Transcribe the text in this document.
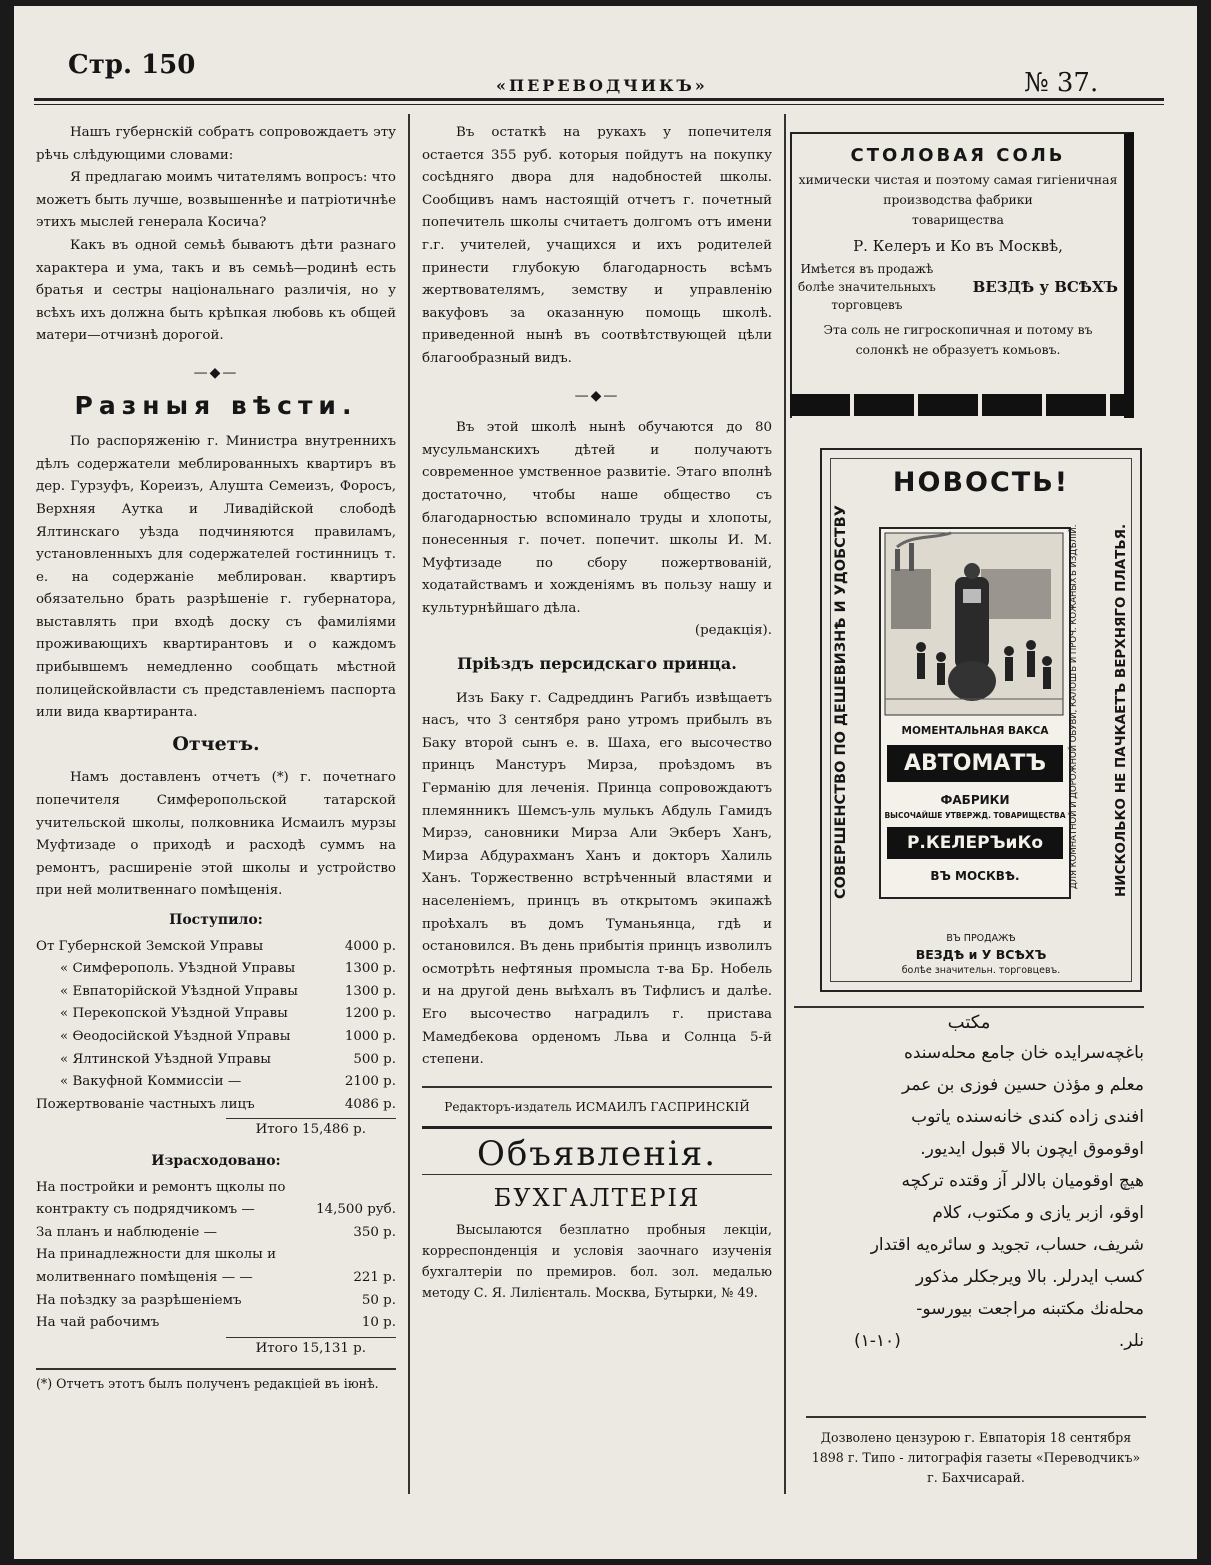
Стр. 150
«ПЕРЕВОДЧИКЪ»	№ 37.

Нашъ губернскій собратъ сопровождаетъ эту рѣчь слѣдующими словами:

Я предлагаю моимъ читателямъ вопросъ: что можетъ быть лучше, возвышеннѣе и патріотичнѣе этихъ мыслей генерала Косича?

Какъ въ одной семьѣ бываютъ дѣти разнаго характера и ума, такъ и въ семьѣ—родинѣ есть братья и сестры національнаго различія, но у всѣхъ ихъ должна быть крѣпкая любовь къ общей матери—отчизнѣ дорогой.

—◆—
Разныя вѣсти.

По распоряженію г. Министра внутреннихъ дѣлъ содержатели меблированныхъ квартиръ въ дер. Гурзуфъ, Кореизъ, Алушта Семеизъ, Форосъ, Верхняя Аутка и Ливадійской слободѣ Ялтинскаго уѣзда подчиняются правиламъ, установленныхъ для содержателей гостинницъ т. е. на содержаніе меблирован. квартиръ обязательно брать разрѣшеніе г. губернатора, выставлять при входѣ доску съ фамиліями проживающихъ квартирантовъ и о каждомъ прибывшемъ немедленно сообщать мѣстной полицейскойвласти съ представленіемъ паспорта или вида квартиранта.

Отчетъ.

Намъ доставленъ отчетъ (*) г. почетнаго попечителя Симферопольской татарской учительской школы, полковника Исмаилъ мурзы Муфтизаде о приходѣ и расходѣ суммъ на ремонтъ, расширеніе этой школы и устройство при ней молитвеннаго помѣщенія.

Поступило:
От Губернской Земской Управы	4000 р.
« Симферополь. Уѣздной Управы	1300 р.
« Евпаторійской Уѣздной Управы	1300 р.
« Перекопской Уѣздной Управы	1200 р.
« Ѳеодосійской Уѣздной Управы	1000 р.
« Ялтинской Уѣздной Управы	500 р.
« Вакуфной Коммиссіи —	2100 р.
Пожертвованіе частныхъ лицъ	4086 р.
Итого 15,486 р.
Израсходовано:
На постройки и ремонтъ щколы по контракту съ подрядчикомъ —	14,500 руб.
За планъ и наблюденіе —	350 р.
На принадлежности для школы и молитвеннаго помѣщенія — —	221 р.
На поѣздку за разрѣшеніемъ	50 р.
На чай рабочимъ	10 р.
Итого 15,131 р.
(*) Отчетъ этотъ былъ полученъ редакціей въ іюнѣ.

Въ остаткѣ на рукахъ у попечителя остается 355 руб. которыя пойдутъ на покупку сосѣдняго двора для надобностей школы. Сообщивъ намъ настоящій отчетъ г. почетный попечитель школы считаетъ долгомъ отъ имени г.г. учителей, учащихся и ихъ родителей принести глубокую благодарность всѣмъ жертвователямъ, земству и управленію вакуфовъ за оказанную помощь школѣ. приведенной нынѣ въ соотвѣтствующей цѣли благообразный видъ.

—◆—

Въ этой школѣ нынѣ обучаются до 80 мусульманскихъ дѣтей и получаютъ современное умственное развитіе. Этаго вполнѣ достаточно, чтобы наше общество съ благодарностью вспоминало труды и хлопоты, понесенныя г. почет. попечит. школы И. М. Муфтизаде по сбору пожертвованій, ходатайствамъ и хожденіямъ въ пользу нашу и культурнѣйшаго дѣла.

(редакція).

Пріѣздъ персидскаго принца.

Изъ Баку г. Садреддинъ Рагибъ извѣщаетъ насъ, что 3 сентября рано утромъ прибылъ въ Баку второй сынъ е. в. Шаха, его высочество принцъ Манстуръ Мирза, проѣздомъ въ Германію для леченія. Принца сопровождаютъ племянникъ Шемсъ-уль мулькъ Абдуль Гамидъ Мирзэ, сановники Мирза Али Экберъ Ханъ, Мирза Абдурахманъ Ханъ и докторъ Халиль Ханъ. Торжественно встрѣченный властями и населеніемъ, принцъ въ открытомъ экипажѣ проѣхалъ въ домъ Туманьянца, гдѣ и остановился. Въ день прибытія принцъ изволилъ осмотрѣть нефтяныя промысла т-ва Бр. Нобель и на другой день выѣхалъ въ Тифлисъ и далѣе. Его высочество наградилъ г. пристава Мамедбекова орденомъ Льва и Солнца 5-й степени.

Редакторъ-издатель ИСМАИЛЪ ГАСПРИНСКІЙ
Объявленія.
БУХГАЛТЕРІЯ

Высылаются безплатно пробныя лекціи, корреспонденція и условія заочнаго изученія бухгалтеріи по премиров. бол. зол. медалью методу С. Я. Лилієнталь. Москва, Бутырки, № 49.

СТОЛОВАЯ СОЛЬ
химически чистая и поэтому самая гигіеничная производства фабрики
товарищества
Р. Келеръ и Ко въ Москвѣ,
Имѣется въ продажѣ
болѣе значительныхъ
торговцевъ
ВЕЗДѢ у ВСѢХЪ
Эта соль не гигроскопичная и потому въ солонкѣ не образуетъ комьовъ.
НОВОСТЬ!
СОВЕРШЕНСТВО ПО ДЕШЕВИЗНѢ И УДОБСТВУ	НИСКОЛЬКО НЕ ПАЧКАЕТЪ ВЕРХНЯГО ПЛАТЬЯ.
МОМЕНТАЛЬНАЯ ВАКСА
АВТОМАТЪ
ФАБРИКИ
ВЫСОЧАЙШЕ УТВЕРЖД. ТОВАРИЩЕСТВА
Р.КЕЛЕРЪиКо
ВЪ МОСКВѢ.	ДЛЯ КОМНАТНОЙ И ДОРОЖНОЙ ОБУВИ, КАЛОШЪ И ПРОЧ. КОЖАНЫХЪ ИЗДѢЛІЙ.
ВЪ ПРОДАЖѢ
ВЕЗДѢ и У ВСѢХЪ
болѣе значительн. торговцевъ.
مكتب

باغچه‌سرايده خان جامع محله‌سنده

معلم و مؤذن حسين فوزى بن عمر

افندى زاده كندى خانه‌سنده ياتوب

اوقوموق ايچون بالا قبول ايديور.

هيچ اوقوميان بالالر آز وقتده تركچه

اوقو، ازبر يازى و مكتوب، كلام

شريف، حساب، تجويد و سائره‌يه اقتدار

كسب ايدرلر. بالا ويرجكلر مذكور

محله‌نك مكتبنه مراجعت بيورسو-

نلر.
(١٠-١)

Дозволено цензурою г. Евпаторія 18 сентября 1898 г. Типо - литографія газеты «Переводчикъ» г. Бахчисарай.
